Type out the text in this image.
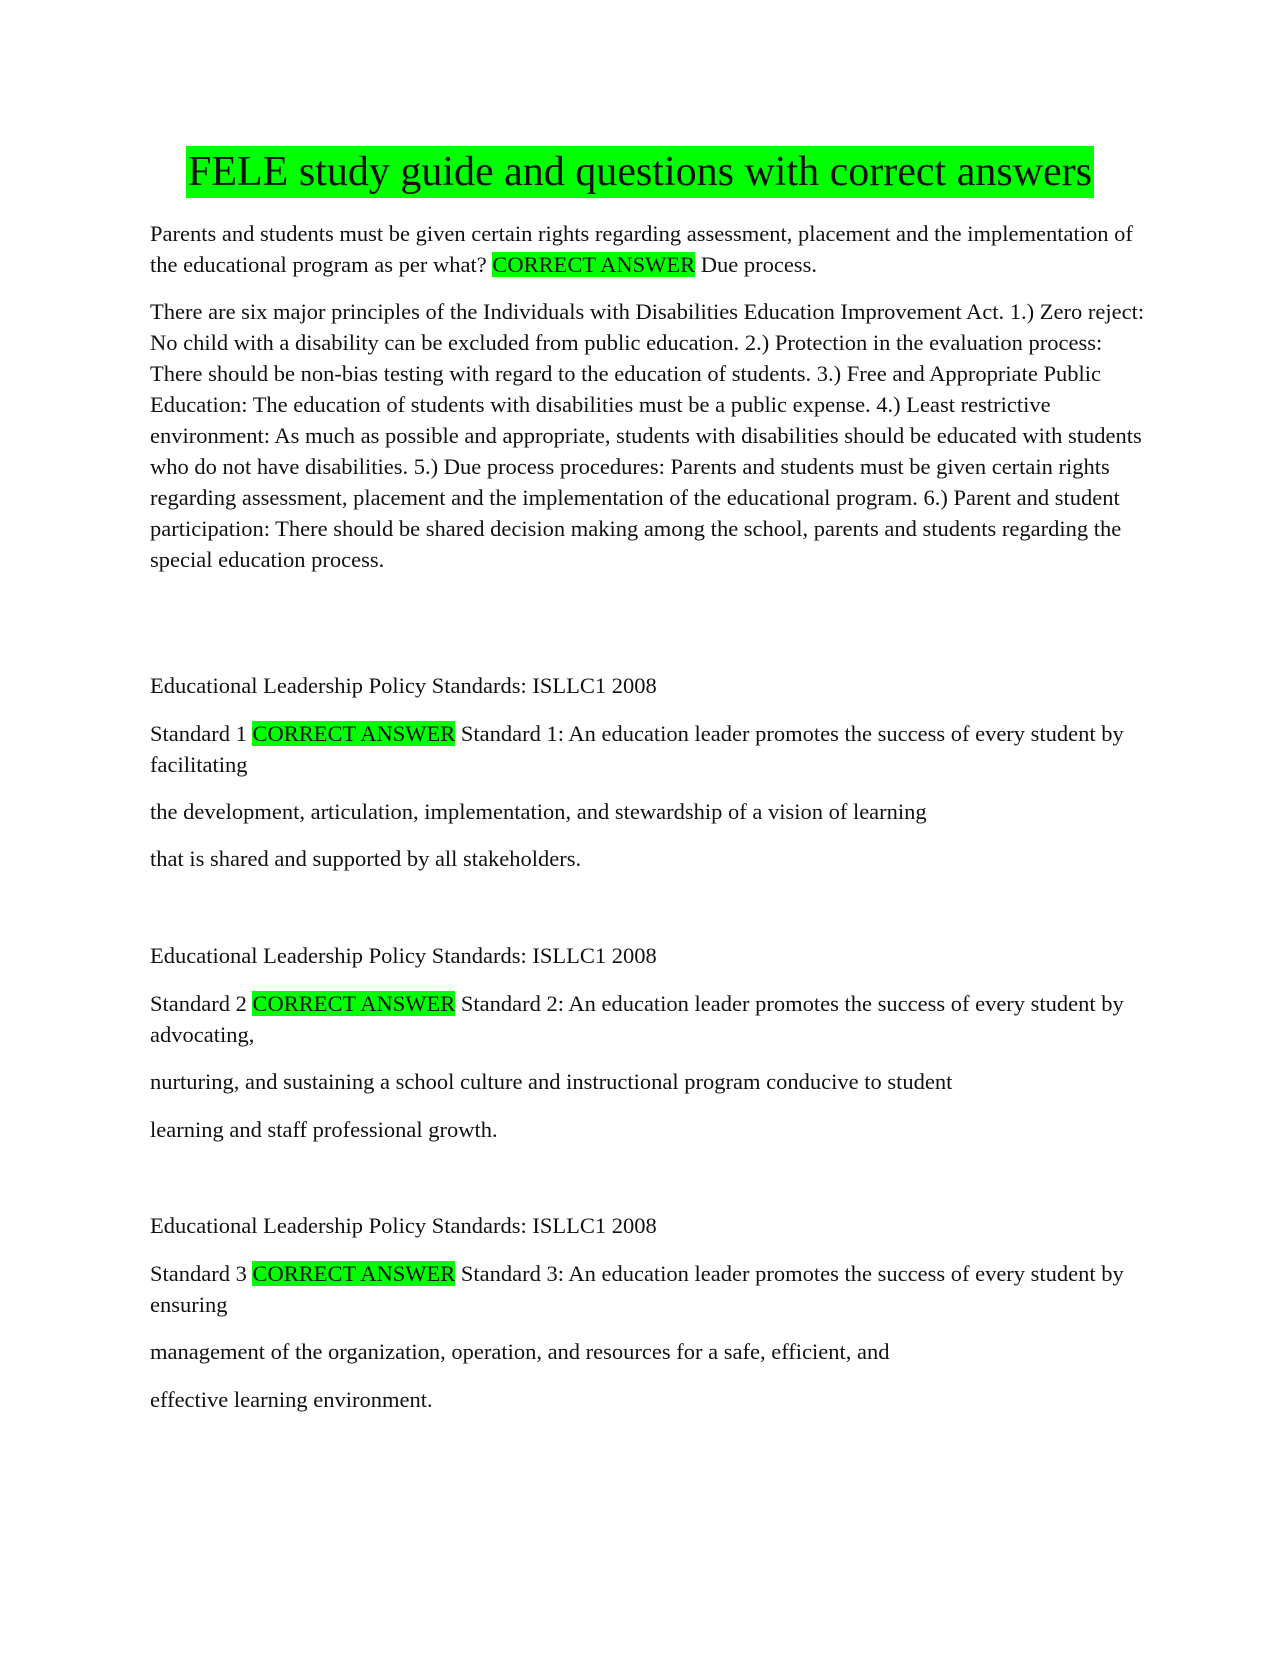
FELE study guide and questions with correct answers

Parents and students must be given certain rights regarding assessment, placement and the implementation of the educational program as per what? CORRECT ANSWER Due process.

There are six major principles of the Individuals with Disabilities Education Improvement Act. 1.) Zero reject: No child with a disability can be excluded from public education. 2.) Protection in the evaluation process: There should be non-bias testing with regard to the education of students. 3.) Free and Appropriate Public Education: The education of students with disabilities must be a public expense. 4.) Least restrictive environment: As much as possible and appropriate, students with disabilities should be educated with students who do not have disabilities. 5.) Due process procedures: Parents and students must be given certain rights regarding assessment, placement and the implementation of the educational program. 6.) Parent and student participation: There should be shared decision making among the school, parents and students regarding the special education process.

Educational Leadership Policy Standards: ISLLC1 2008

Standard 1 CORRECT ANSWER Standard 1: An education leader promotes the success of every student by facilitating

the development, articulation, implementation, and stewardship of a vision of learning

that is shared and supported by all stakeholders.

Educational Leadership Policy Standards: ISLLC1 2008

Standard 2 CORRECT ANSWER Standard 2: An education leader promotes the success of every student by advocating,

nurturing, and sustaining a school culture and instructional program conducive to student

learning and staff professional growth.

Educational Leadership Policy Standards: ISLLC1 2008

Standard 3 CORRECT ANSWER Standard 3: An education leader promotes the success of every student by ensuring

management of the organization, operation, and resources for a safe, efficient, and

effective learning environment.
